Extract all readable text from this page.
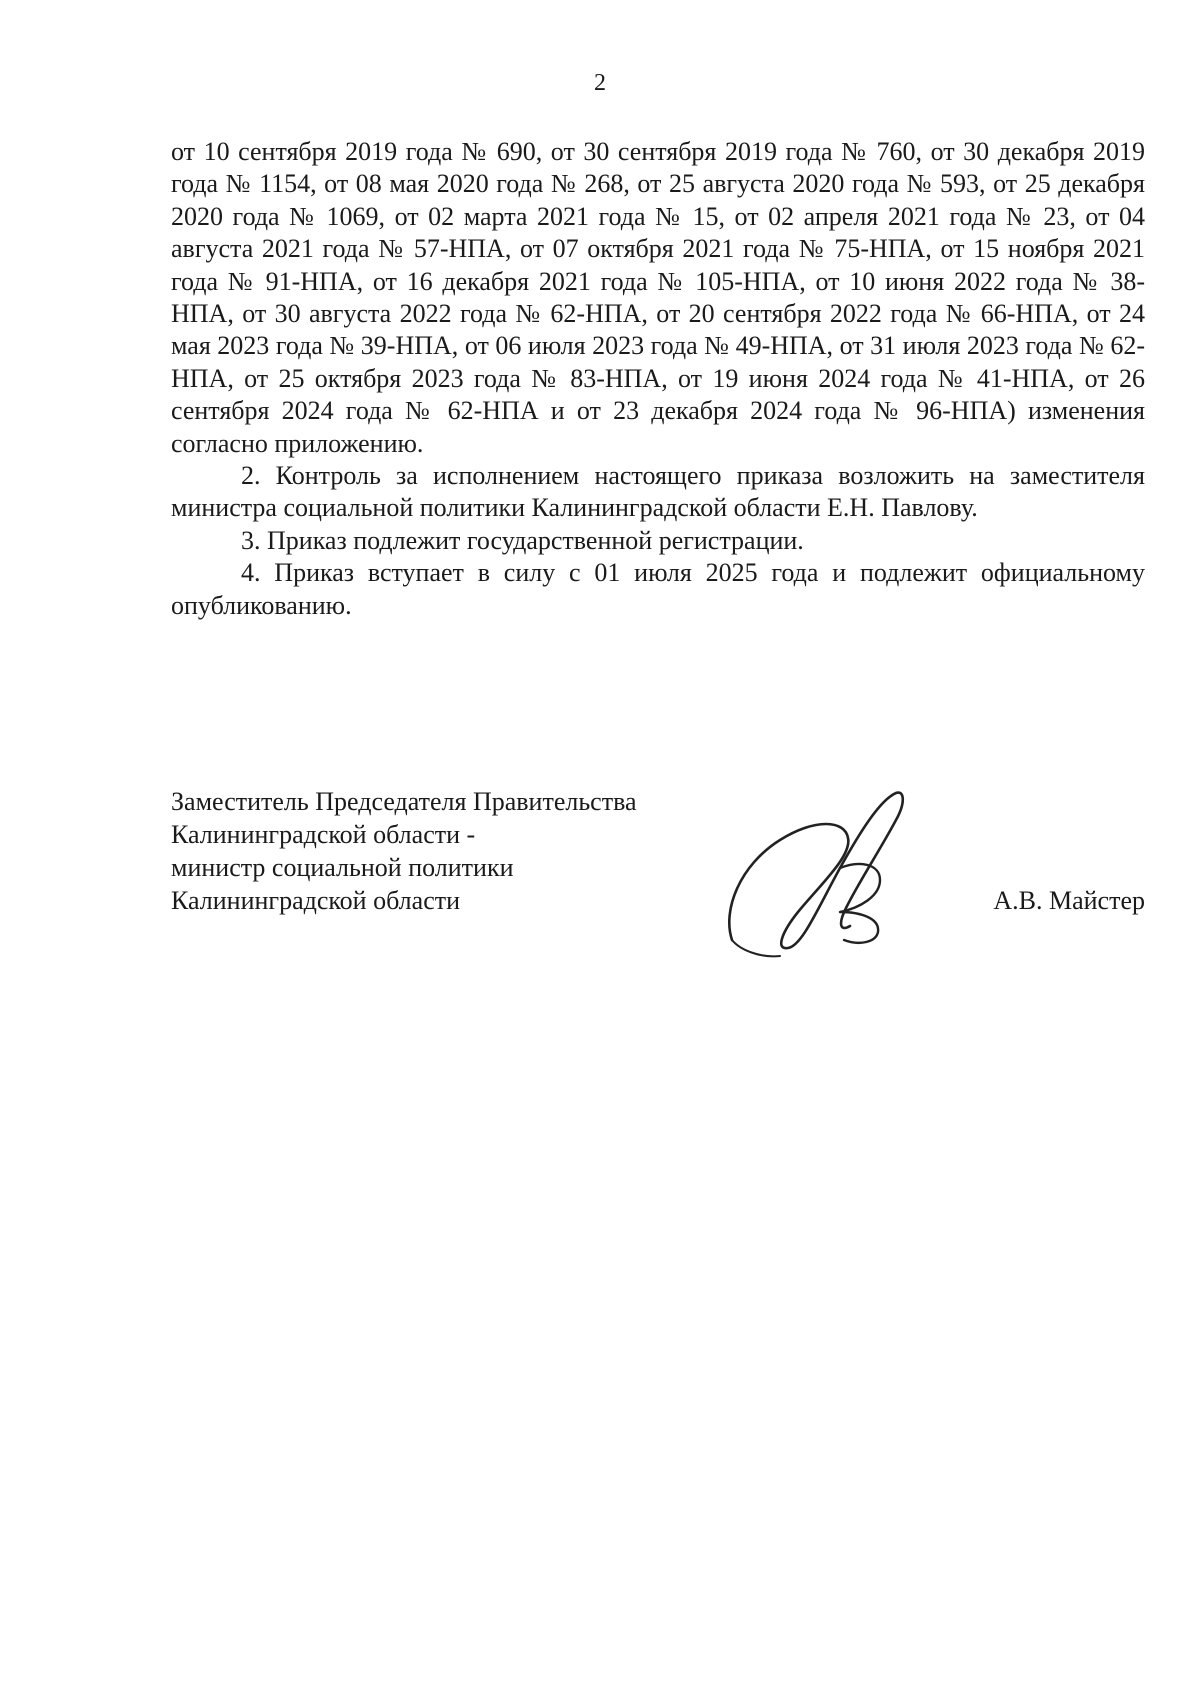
2

от 10 сентября 2019 года № 690, от 30 сентября 2019 года № 760, от 30 декабря 2019 года № 1154, от 08 мая 2020 года № 268, от 25 августа 2020 года № 593, от 25 декабря 2020 года № 1069, от 02 марта 2021 года № 15, от 02 апреля 2021 года № 23, от 04 августа 2021 года № 57-НПА, от 07 октября 2021 года № 75-НПА, от 15 ноября 2021 года № 91-НПА, от 16 декабря 2021 года № 105-НПА, от 10 июня 2022 года № 38-НПА, от 30 августа 2022 года № 62-НПА, от 20 сентября 2022 года № 66-НПА, от 24 мая 2023 года № 39-НПА, от 06 июля 2023 года № 49-НПА, от 31 июля 2023 года № 62-НПА, от 25 октября 2023 года № 83-НПА, от 19 июня 2024 года № 41-НПА, от 26 сентября 2024 года № 62-НПА и от 23 декабря 2024 года № 96-НПА) изменения согласно приложению.

2. Контроль за исполнением настоящего приказа возложить на заместителя министра социальной политики Калининградской области Е.Н. Павлову.

3. Приказ подлежит государственной регистрации.

4. Приказ вступает в силу с 01 июля 2025 года и подлежит официальному опубликованию.

Заместитель Председателя Правительства
Калининградской области -
министр социальной политики
Калининградской области	А.В. Майстер
